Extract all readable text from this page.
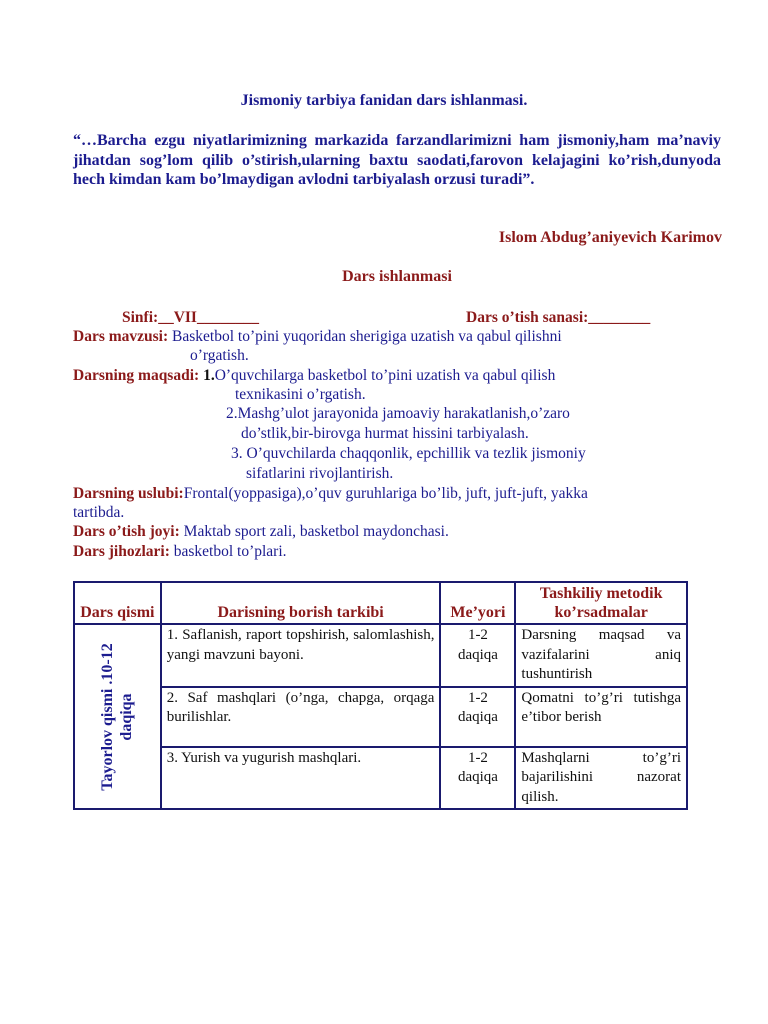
Jismoniy tarbiya fanidan dars ishlanmasi.
“…Barcha ezgu niyatlarimizning markazida farzandlarimizni ham jismoniy,ham ma’naviy jihatdan sog’lom qilib o’stirish,ularning baxtu saodati,farovon kelajagini ko’rish,dunyoda hech kimdan kam bo’lmaydigan avlodni tarbiyalash orzusi turadi”.
Islom Abdug’aniyevich Karimov
Dars ishlanmasi
Sinfi:__VII________	Dars o’tish sanasi:________
Dars mavzusi: Basketbol to’pini yuqoridan sherigiga uzatish va qabul qilishni
o’rgatish.
Darsning maqsadi: 1.O’quvchilarga basketbol to’pini uzatish va qabul qilish
texnikasini o’rgatish.
2.Mashg’ulot jarayonida jamoaviy harakatlanish,o’zaro
do’stlik,bir-birovga hurmat hissini tarbiyalash.
3. O’quvchilarda chaqqonlik, epchillik va tezlik jismoniy
sifatlarini rivojlantirish.
Darsning uslubi:Frontal(yoppasiga),o’quv guruhlariga bo’lib, juft, juft-juft, yakka
tartibda.
Dars o’tish joyi: Maktab sport zali, basketbol maydonchasi.
Dars jihozlari: basketbol to’plari.
Dars qismi	Darisning borish tarkibi	Me’yori	Tashkiliy metodik ko’rsadmalar

Tayorlov qismi .10-12 daqiqa	1. Saflanish, raport topshirish, salomlashish, yangi mavzuni bayoni.	1-2 daqiqa	Darsning maqsad va vazifalarini aniq tushuntirish
	2. Saf mashqlari (o’nga, chapga, orqaga burilishlar.	1-2 daqiqa	Qomatni to’g’ri tutishga e’tibor berish
	3. Yurish va yugurish mashqlari.	1-2 daqiqa	Mashqlarni to’g’ri bajarilishini nazorat qilish.
